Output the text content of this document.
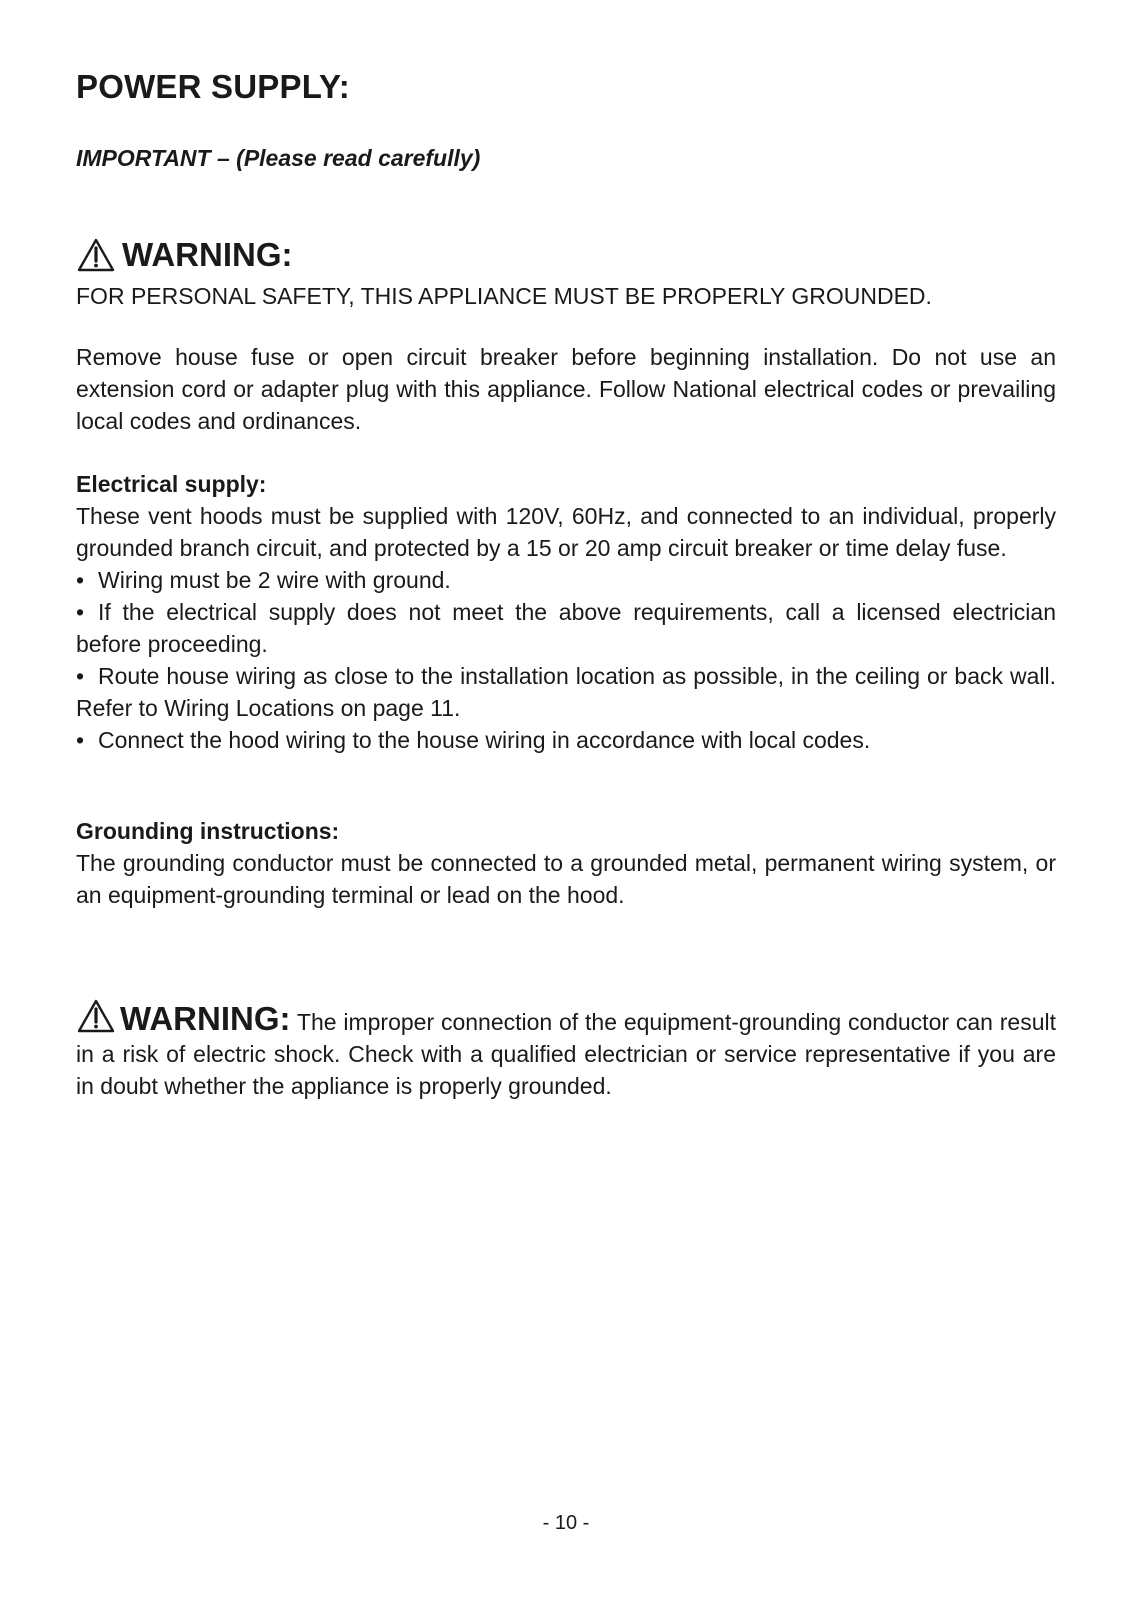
POWER SUPPLY:

IMPORTANT – (Please read carefully)

WARNING:

FOR PERSONAL SAFETY, THIS APPLIANCE MUST BE PROPERLY GROUNDED.

Remove house fuse or open circuit breaker before beginning installation. Do not use an extension cord or adapter plug with this appliance. Follow National electrical codes or prevailing local codes and ordinances.

Electrical supply:

These vent hoods must be supplied with 120V, 60Hz, and connected to an individual, properly grounded branch circuit, and protected by a 15 or 20 amp circuit breaker or time delay fuse.

• Wiring must be 2 wire with ground.
• If the electrical supply does not meet the above requirements, call a licensed electrician before proceeding.
• Route house wiring as close to the installation location as possible, in the ceiling or back wall. Refer to Wiring Locations on page 11.
• Connect the hood wiring to the house wiring in accordance with local codes.

Grounding instructions:

The grounding conductor must be connected to a grounded metal, permanent wiring system, or an equipment-grounding terminal or lead on the hood.

WARNING: The improper connection of the equipment-grounding conductor can result in a risk of electric shock. Check with a qualified electrician or service representative if you are in doubt whether the appliance is properly grounded.

- 10 -
